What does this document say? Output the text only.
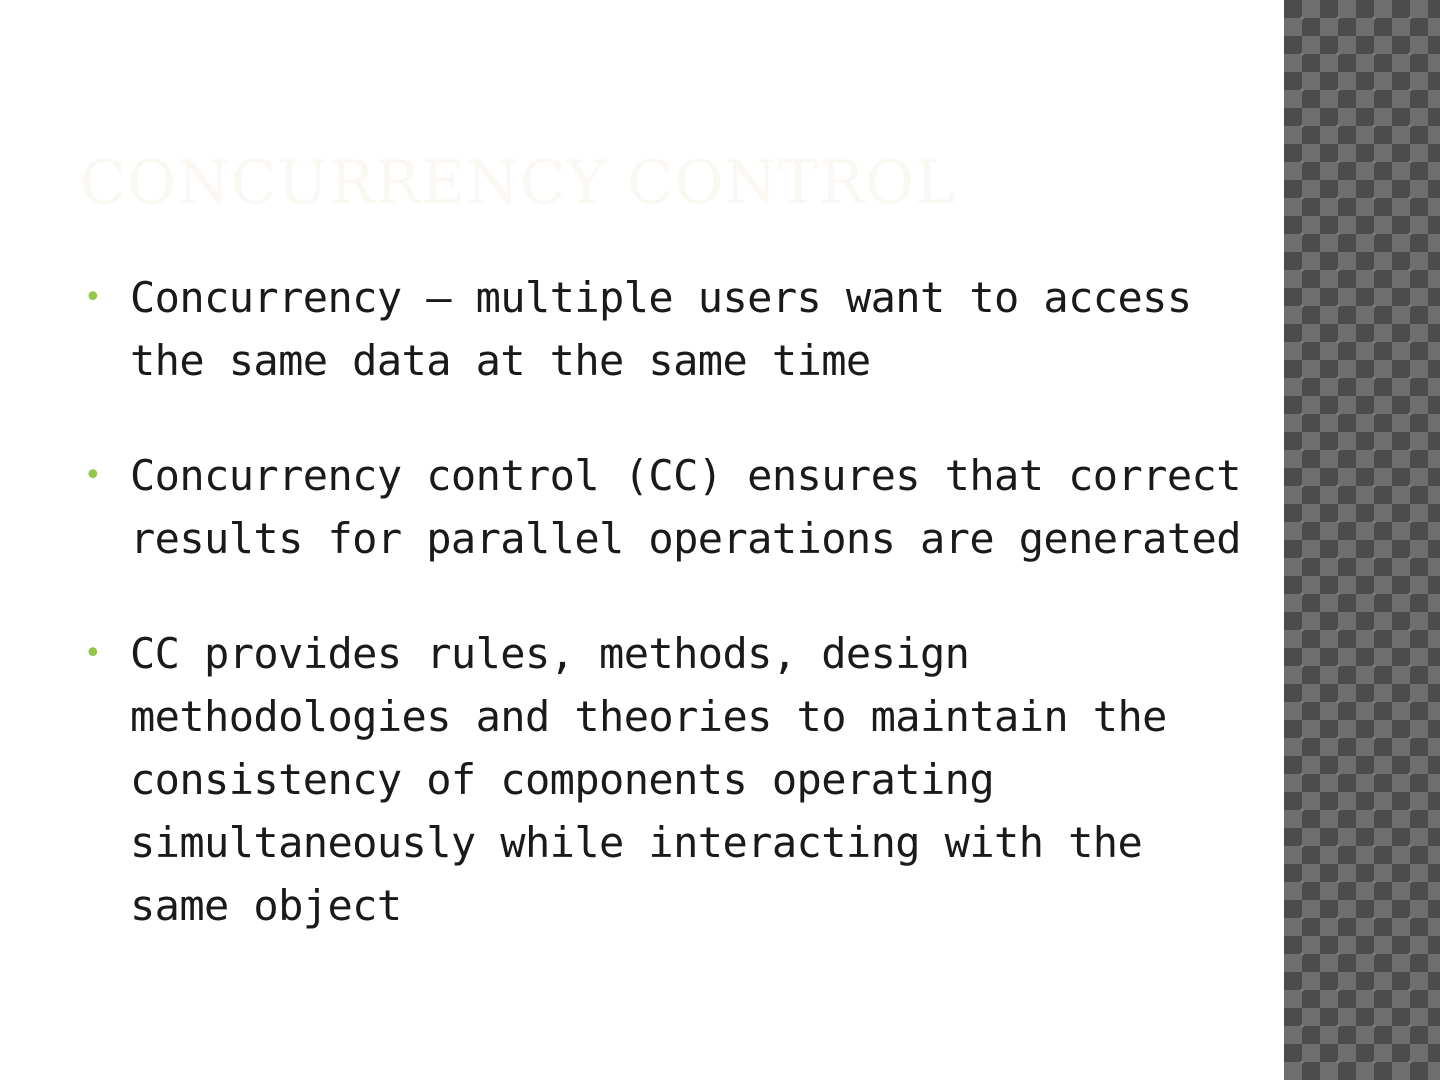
CONCURRENCY CONTROL
• Concurrency — multiple users want to access the same data at the same time
• Concurrency control (CC) ensures that correct results for parallel operations are generated
• CC provides rules, methods, design methodologies and theories to maintain the consistency of components operating simultaneously while interacting with the same object
